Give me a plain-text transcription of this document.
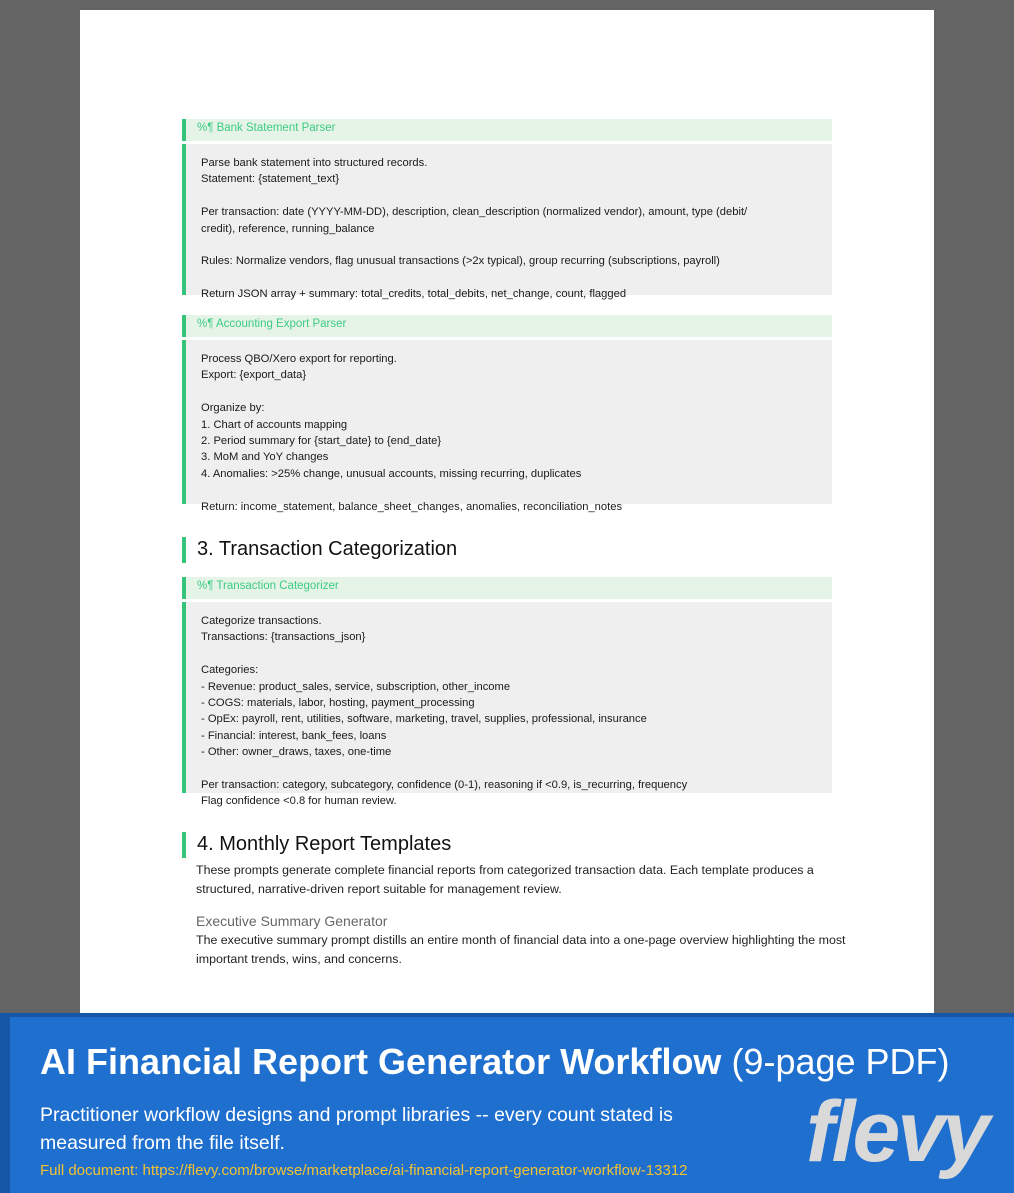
%¶ Bank Statement Parser
Parse bank statement into structured records.
Statement: {statement_text}
Per transaction: date (YYYY-MM-DD), description, clean_description (normalized vendor), amount, type (debit/
credit), reference, running_balance
Rules: Normalize vendors, flag unusual transactions (>2x typical), group recurring (subscriptions, payroll)
Return JSON array + summary: total_credits, total_debits, net_change, count, flagged
%¶ Accounting Export Parser
Process QBO/Xero export for reporting.
Export: {export_data}
Organize by:
1. Chart of accounts mapping
2. Period summary for {start_date} to {end_date}
3. MoM and YoY changes
4. Anomalies: >25% change, unusual accounts, missing recurring, duplicates
Return: income_statement, balance_sheet_changes, anomalies, reconciliation_notes
3. Transaction Categorization
%¶ Transaction Categorizer
Categorize transactions.
Transactions: {transactions_json}
Categories:
- Revenue: product_sales, service, subscription, other_income
- COGS: materials, labor, hosting, payment_processing
- OpEx: payroll, rent, utilities, software, marketing, travel, supplies, professional, insurance
- Financial: interest, bank_fees, loans
- Other: owner_draws, taxes, one-time
Per transaction: category, subcategory, confidence (0-1), reasoning if <0.9, is_recurring, frequency
Flag confidence <0.8 for human review.
4. Monthly Report Templates

These prompts generate complete financial reports from categorized transaction data. Each template produces a structured, narrative-driven report suitable for management review.

Executive Summary Generator

The executive summary prompt distills an entire month of financial data into a one-page overview highlighting the most important trends, wins, and concerns.

AI Financial Report Generator Workflow (9-page PDF)
Practitioner workflow designs and prompt libraries -- every count stated is measured from the file itself.
Full document: https://flevy.com/browse/marketplace/ai-financial-report-generator-workflow-13312 flevy
